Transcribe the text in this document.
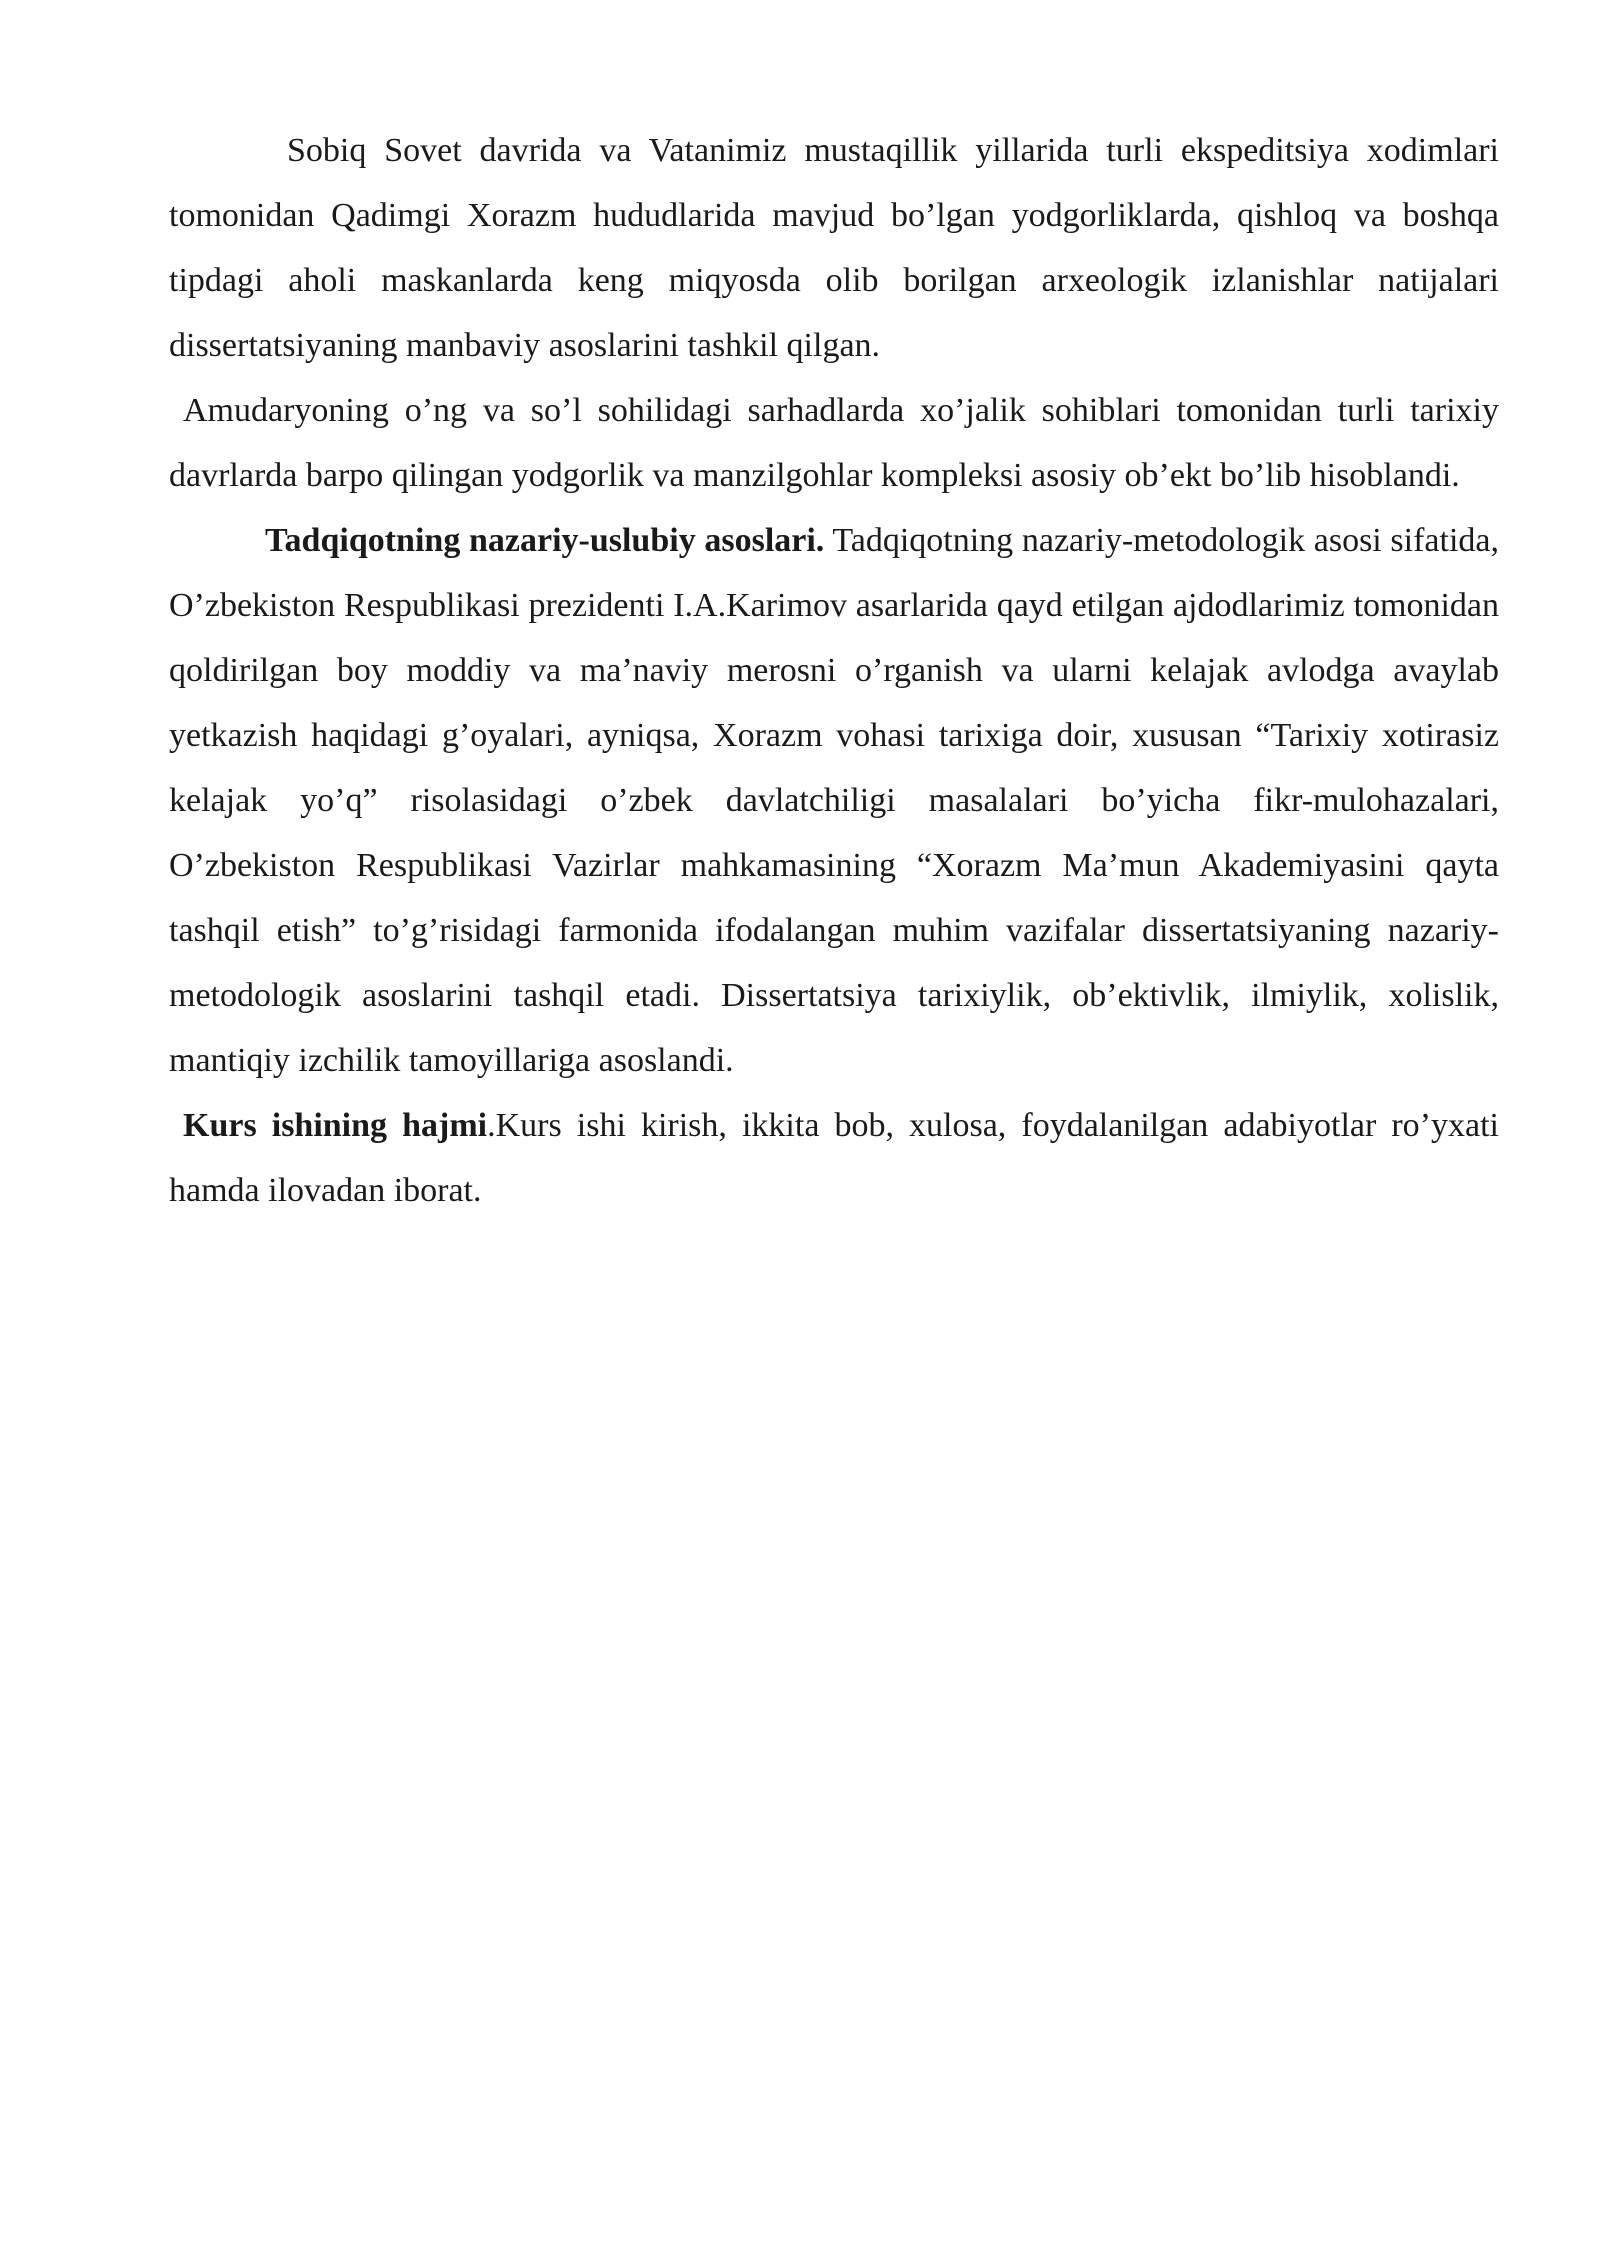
Sobiq Sovet davrida va Vatanimiz mustaqillik yillarida turli ekspeditsiya xodimlari tomonidan Qadimgi Xorazm hududlarida mavjud bo’lgan yodgorliklarda, qishloq va boshqa tipdagi aholi maskanlarda keng miqyosda olib borilgan arxeologik izlanishlar natijalari dissertatsiyaning manbaviy asoslarini tashkil qilgan.

Amudaryoning o’ng va so’l sohilidagi sarhadlarda xo’jalik sohiblari tomonidan turli tarixiy davrlarda barpo qilingan yodgorlik va manzilgohlar kompleksi asosiy ob’ekt bo’lib hisoblandi.

Tadqiqotning nazariy-uslubiy asoslari. Tadqiqotning nazariy-metodologik asosi sifatida, O’zbekiston Respublikasi prezidenti I.A.Karimov asarlarida qayd etilgan ajdodlarimiz tomonidan qoldirilgan boy moddiy va ma’naviy merosni o’rganish va ularni kelajak avlodga avaylab yetkazish haqidagi g’oyalari, ayniqsa, Xorazm vohasi tarixiga doir, xususan “Tarixiy xotirasiz kelajak yo’q” risolasidagi o’zbek davlatchiligi masalalari bo’yicha fikr-mulohazalari, O’zbekiston Respublikasi Vazirlar mahkamasining “Xorazm Ma’mun Akademiyasini qayta tashqil etish” to’g’risidagi farmonida ifodalangan muhim vazifalar dissertatsiyaning nazariy-metodologik asoslarini tashqil etadi. Dissertatsiya tarixiylik, ob’ektivlik, ilmiylik, xolislik, mantiqiy izchilik tamoyillariga asoslandi.

Kurs ishining hajmi.Kurs ishi kirish, ikkita bob, xulosa, foydalanilgan adabiyotlar ro’yxati hamda ilovadan iborat.
